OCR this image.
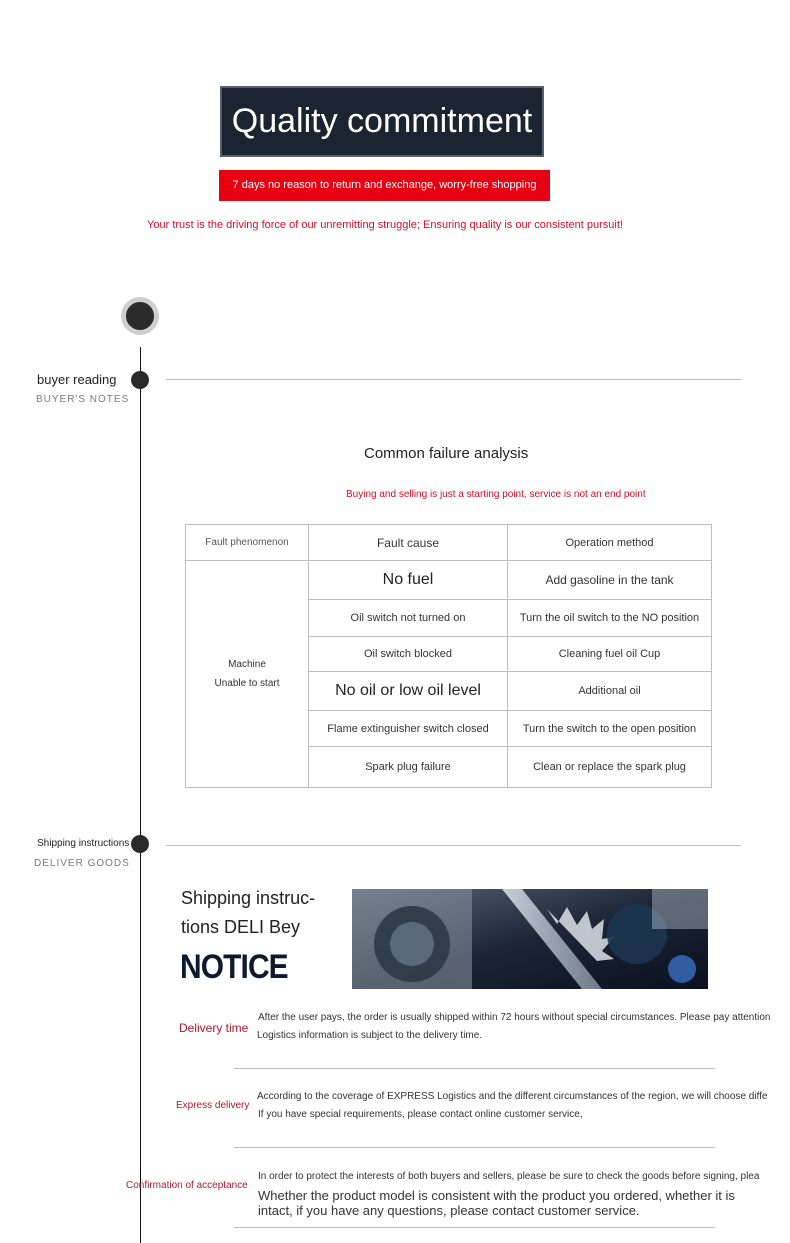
Quality commitment
7 days no reason to return and exchange, worry-free shopping
Your trust is the driving force of our unremitting struggle; Ensuring quality is our consistent pursuit!
buyer reading
BUYER'S NOTES
Common failure analysis
Buying and selling is just a starting point, service is not an end point
Fault phenomenon	Fault cause	Operation method

Machine
Unable to start	No fuel	Add gasoline in the tank
	Oil switch not turned on	Turn the oil switch to the NO position
	Oil switch blocked	Cleaning fuel oil Cup
	No oil or low oil level	Additional oil
	Flame extinguisher switch closed	Turn the switch to the open position
	Spark plug failure	Clean or replace the spark plug
Shipping instructions
DELIVER GOODS
Shipping instruc- tions DELI Bey
NOTICE
Delivery time
After the user pays, the order is usually shipped within 72 hours without special circumstances. Please pay attention
Logistics information is subject to the delivery time.
Express delivery
According to the coverage of EXPRESS Logistics and the different circumstances of the region, we will choose diffe
If you have special requirements, please contact online customer service,
Confirmation of acceptance
In order to protect the interests of both buyers and sellers, please be sure to check the goods before signing, plea
Whether the product model is consistent with the product you ordered, whether it is
intact, if you have any questions, please contact customer service.
